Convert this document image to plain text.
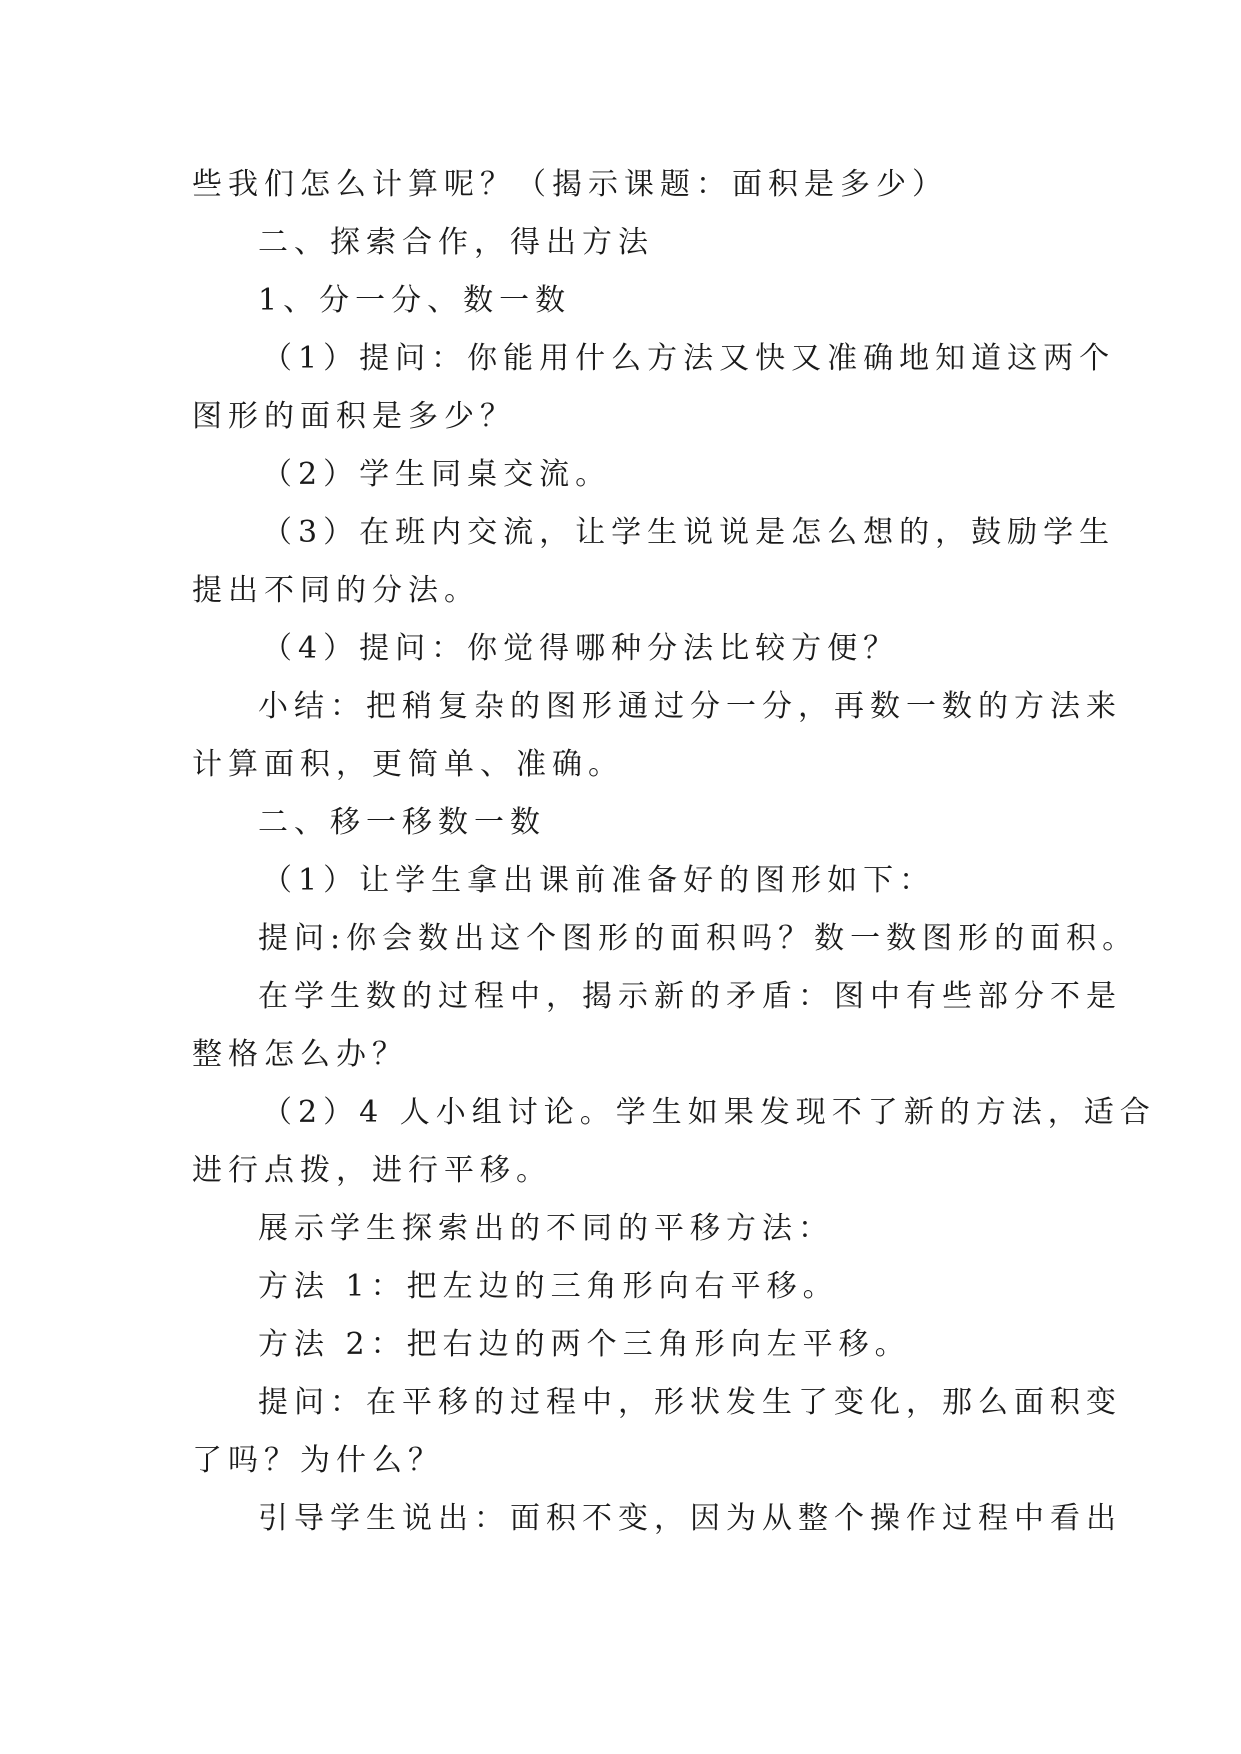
些我们怎么计算呢？（揭示课题：面积是多少）
二、探索合作，得出方法
1、分一分、数一数
（1）提问：你能用什么方法又快又准确地知道这两个
图形的面积是多少？
（2）学生同桌交流。
（3）在班内交流，让学生说说是怎么想的，鼓励学生
提出不同的分法。
（4）提问：你觉得哪种分法比较方便？
小结：把稍复杂的图形通过分一分，再数一数的方法来
计算面积，更简单、准确。
二、移一移数一数
（1）让学生拿出课前准备好的图形如下：
提问:你会数出这个图形的面积吗？数一数图形的面积。
在学生数的过程中，揭示新的矛盾：图中有些部分不是
整格怎么办？
（2）4 人小组讨论。学生如果发现不了新的方法，适合
进行点拨，进行平移。
展示学生探索出的不同的平移方法：
方法 1：把左边的三角形向右平移。
方法 2：把右边的两个三角形向左平移。
提问：在平移的过程中，形状发生了变化，那么面积变
了吗？为什么？
引导学生说出：面积不变，因为从整个操作过程中看出
